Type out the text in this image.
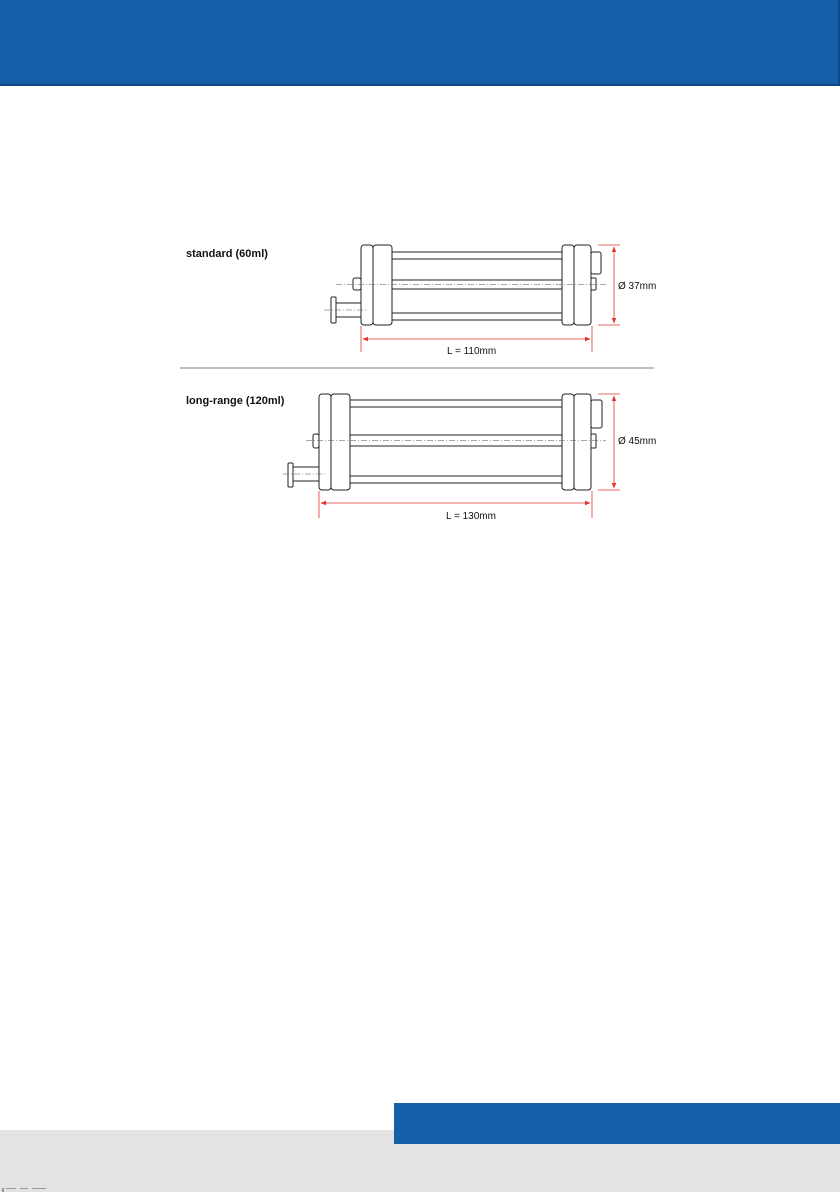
standard (60ml)
Ø 37mm
L = 110mm
long-range (120ml)
Ø 45mm
L = 130mm
